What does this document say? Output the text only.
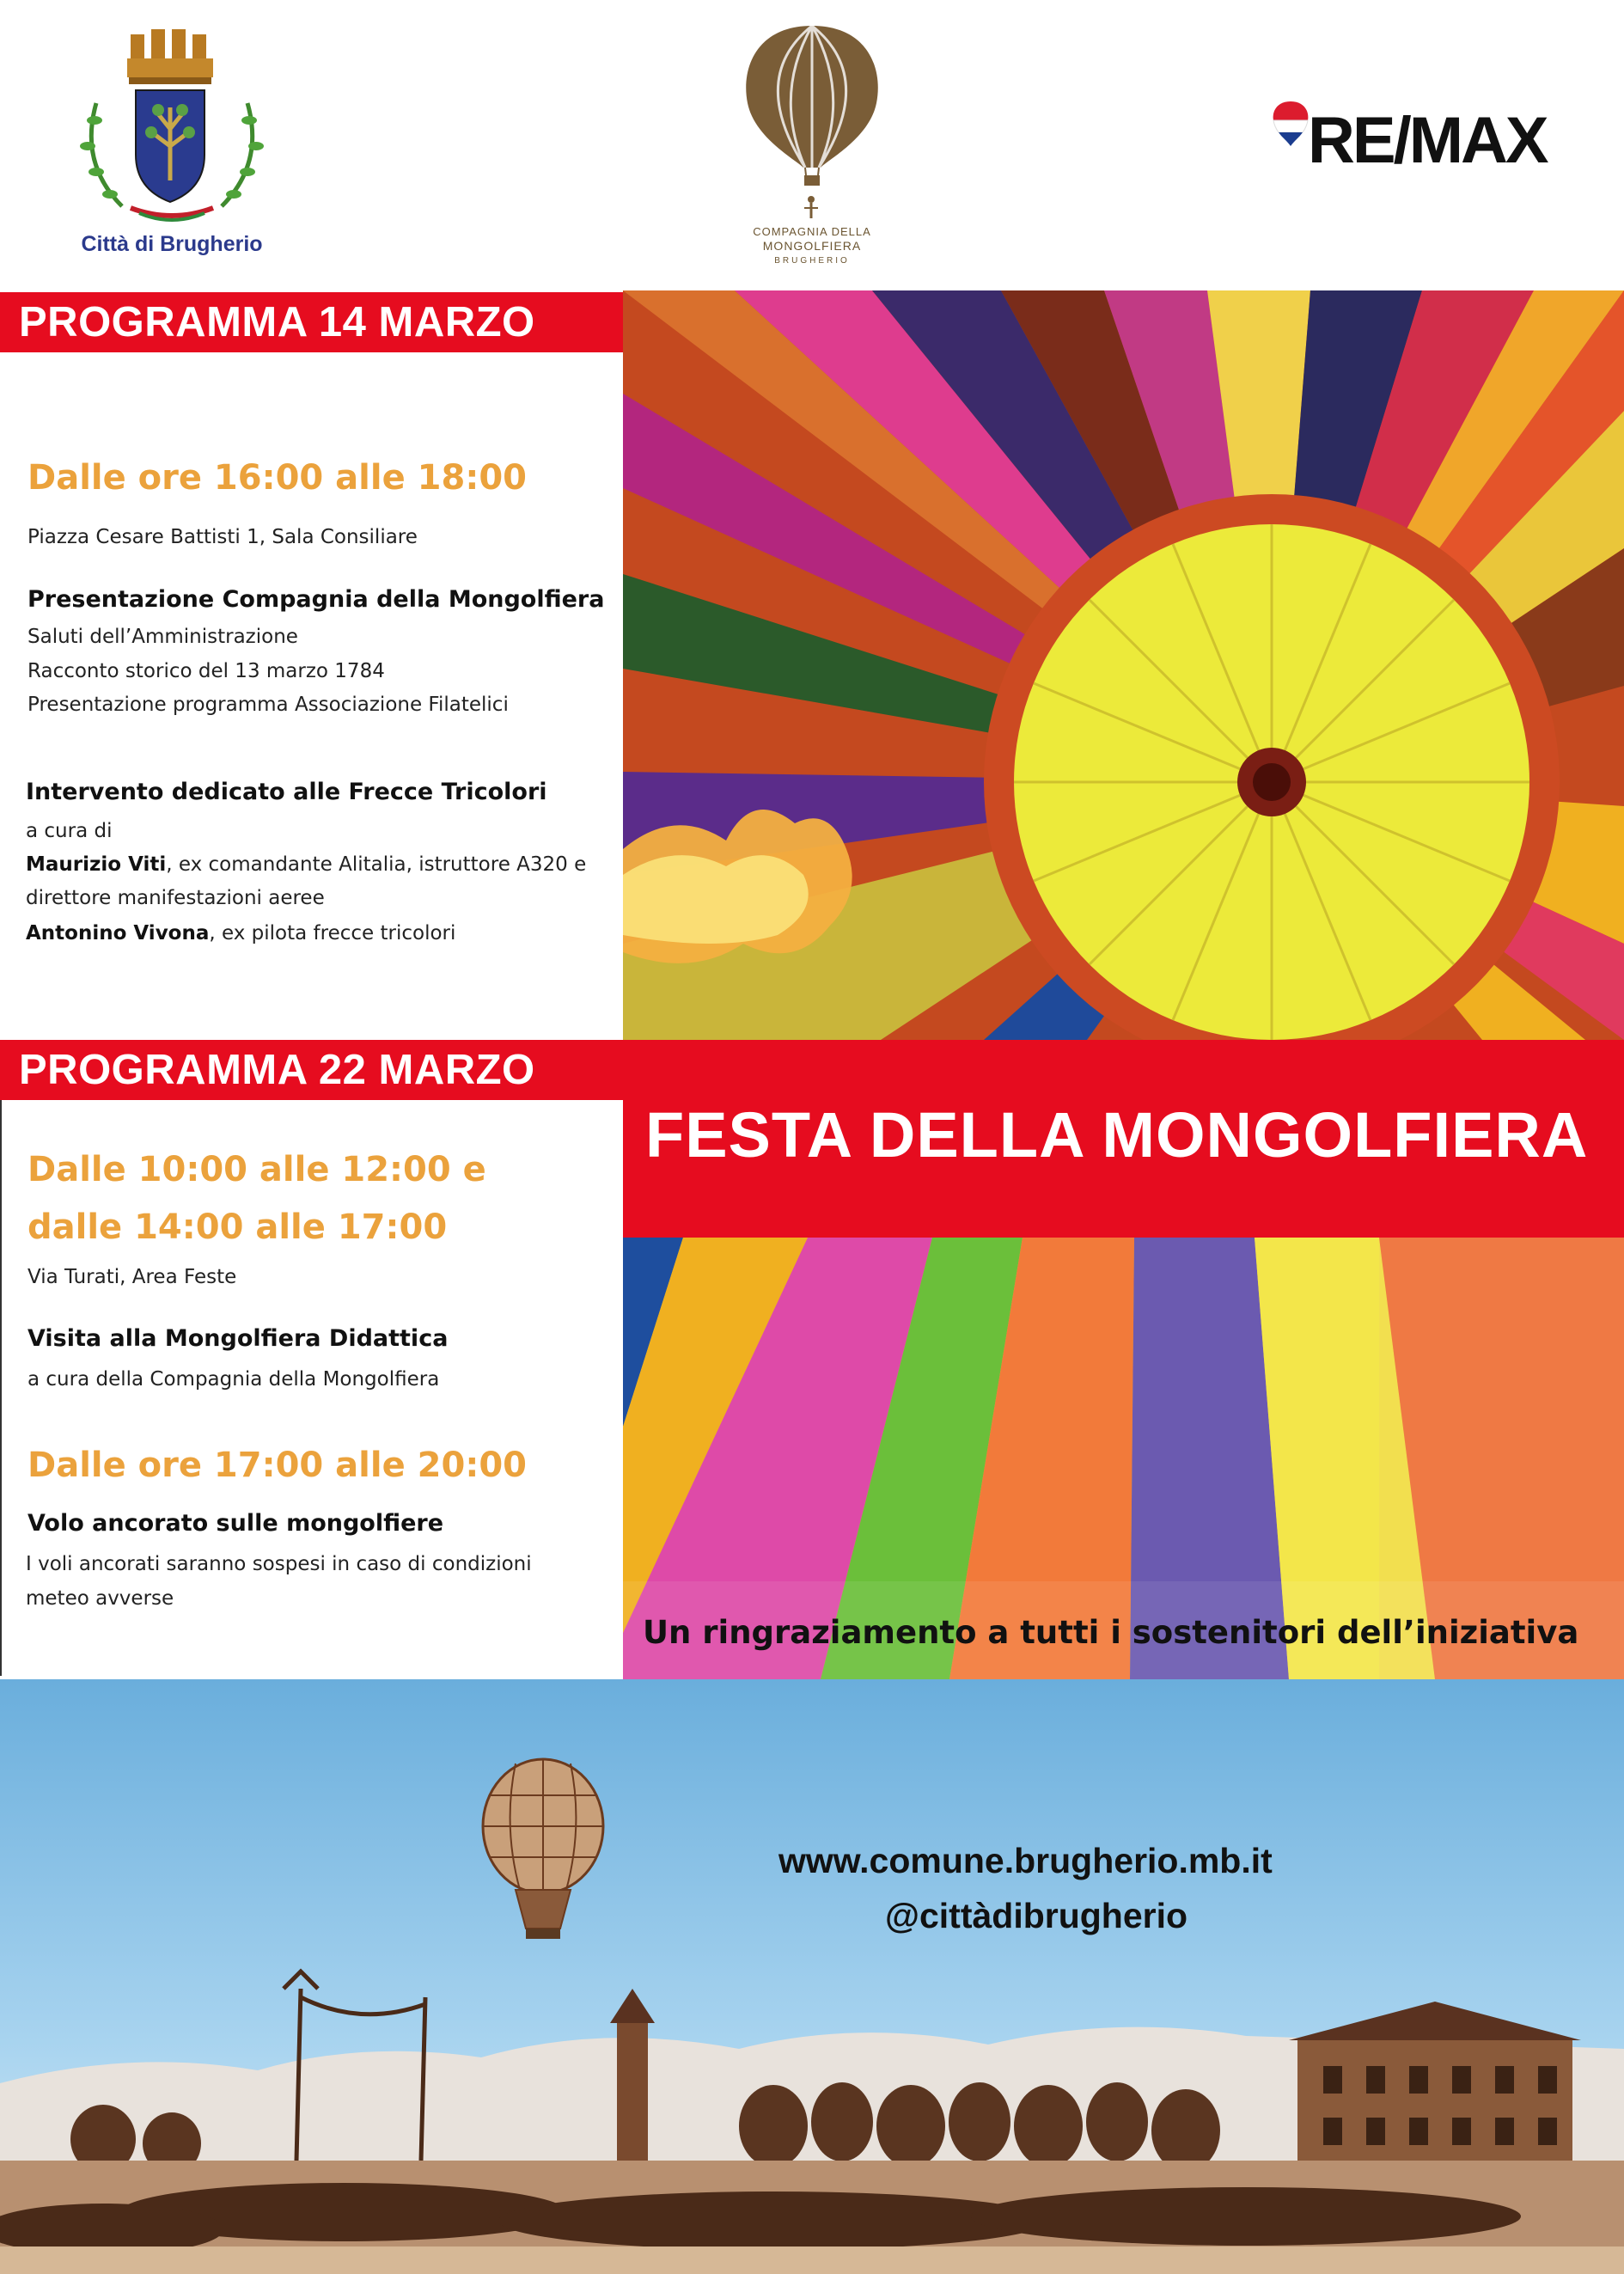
Città di Brugherio
COMPAGNIA DELLA
MONGOLFIERA
BRUGHERIO
RE/MAX
PROGRAMMA 14 MARZO
Dalle ore 16:00 alle 18:00
Piazza Cesare Battisti 1, Sala Consiliare
Presentazione Compagnia della Mongolfiera
Saluti dell’Amministrazione
Racconto storico del 13 marzo 1784
Presentazione programma Associazione Filatelici
Intervento dedicato alle Frecce Tricolori
a cura di
Maurizio Viti, ex comandante Alitalia, istruttore A320 e
direttore manifestazioni aeree
Antonino Vivona, ex pilota frecce tricolori
FESTA DELLA MONGOLFIERA
PROGRAMMA 22 MARZO
Dalle 10:00 alle 12:00 e
dalle 14:00 alle 17:00
Via Turati, Area Feste
Visita alla Mongolfiera Didattica
a cura della Compagnia della Mongolfiera
Dalle ore 17:00 alle 20:00
Volo ancorato sulle mongolfiere
I voli ancorati saranno sospesi in caso di condizioni
meteo avverse
Un ringraziamento a tutti i sostenitori dell’iniziativa
www.comune.brugherio.mb.it
@cittàdibrugherio
